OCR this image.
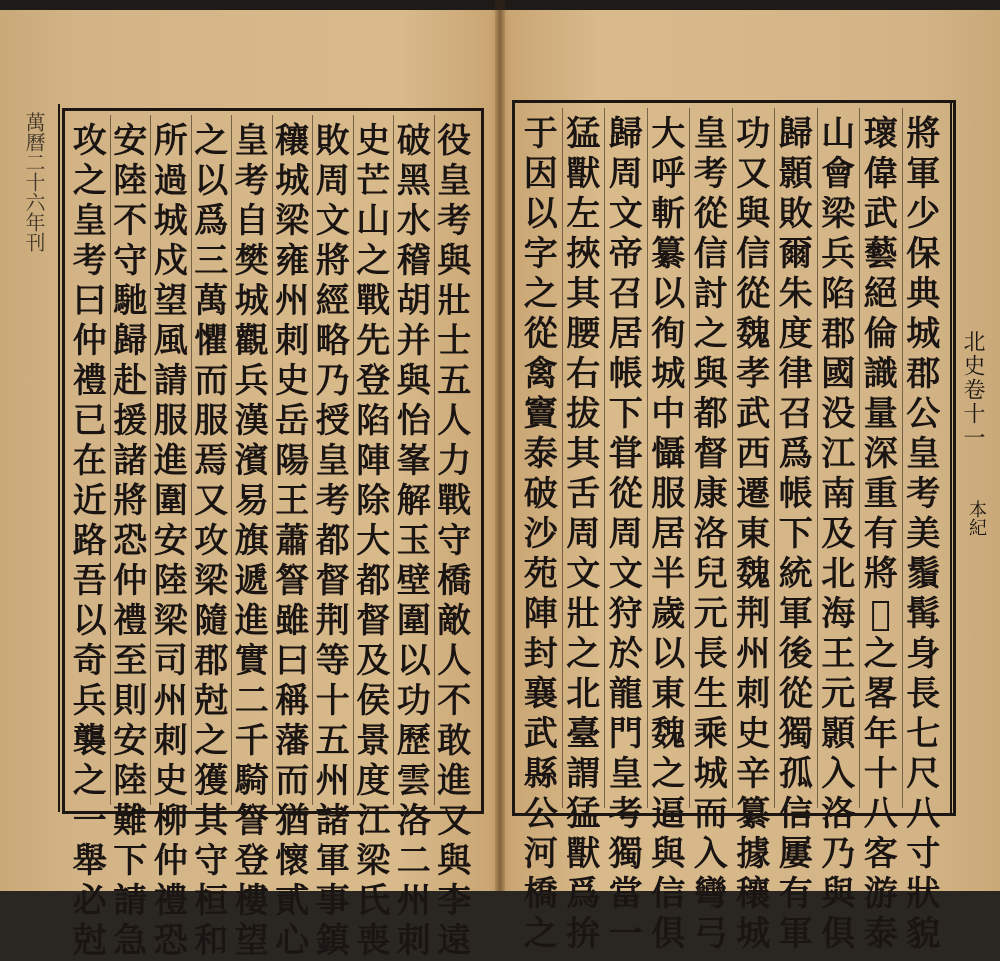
萬曆二十六年刊	役
皇
考
與
壯
士
五
人
力
戰
守
橋
敵
人
不
敢
進
又
與
李
遠
破
黑
水
稽
胡
并
與
怡
峯
解
玉
壁
圍
以
功
歷
雲
洛
二
州
刺
史
芒
山
之
戰
先
登
陷
陣
除
大
都
督
及
侯
景
度
江
梁
氏
喪
敗
周
文
將
經
略
乃
授
皇
考
都
督
荆
等
十
五
州
諸
軍
事
鎮
穰
城
梁
雍
州
刺
史
岳
陽
王
蕭
詧
雖
曰
稱
藩
而
猶
懷
貳
心
皇
考
自
樊
城
觀
兵
漢
濱
易
旗
遞
進
實
二
千
騎
詧
登
樓
望
之
以
爲
三
萬
懼
而
服
焉
又
攻
梁
隨
郡
尅
之
獲
其
守
桓
和
所
過
城
戍
望
風
請
服
進
圍
安
陸
梁
司
州
刺
史
柳
仲
禮
恐
安
陸
不
守
馳
歸
赴
援
諸
將
恐
仲
禮
至
則
安
陸
難
下
請
急
攻
之
皇
考
曰
仲
禮
已
在
近
路
吾
以
奇
兵
襲
之
一
舉
必
尅
北史卷十一
本紀
將
軍
少
保
典
城
郡
公
皇
考
美
鬚
髯
身
長
七
尺
八
寸
狀
貌
瓌
偉
武
藝
絕
倫
識
量
深
重
有
將
𠅏
之
畧
年
十
八
客
游
泰
山
會
梁
兵
陷
郡
國
没
江
南
及
北
海
王
元
顥
入
洛
乃
與
俱
歸
顥
敗
爾
朱
度
律
召
爲
帳
下
統
軍
後
從
獨
孤
信
屢
有
軍
功
又
與
信
從
魏
孝
武
西
遷
東
魏
荆
州
刺
史
辛
纂
據
穰
城
皇
考
從
信
討
之
與
都
督
康
洛
兒
元
長
生
乘
城
而
入
彎
弓
大
呼
斬
纂
以
徇
城
中
懾
服
居
半
歲
以
東
魏
之
逼
與
信
俱
歸
周
文
帝
召
居
帳
下
甞
從
周
文
狩
於
龍
門
皇
考
獨
當
一
猛
獸
左
挾
其
腰
右
拔
其
舌
周
文
壯
之
北
臺
謂
猛
獸
爲
拚
于
因
以
字
之
從
禽
竇
泰
破
沙
苑
陣
封
襄
武
縣
公
河
橋
之
